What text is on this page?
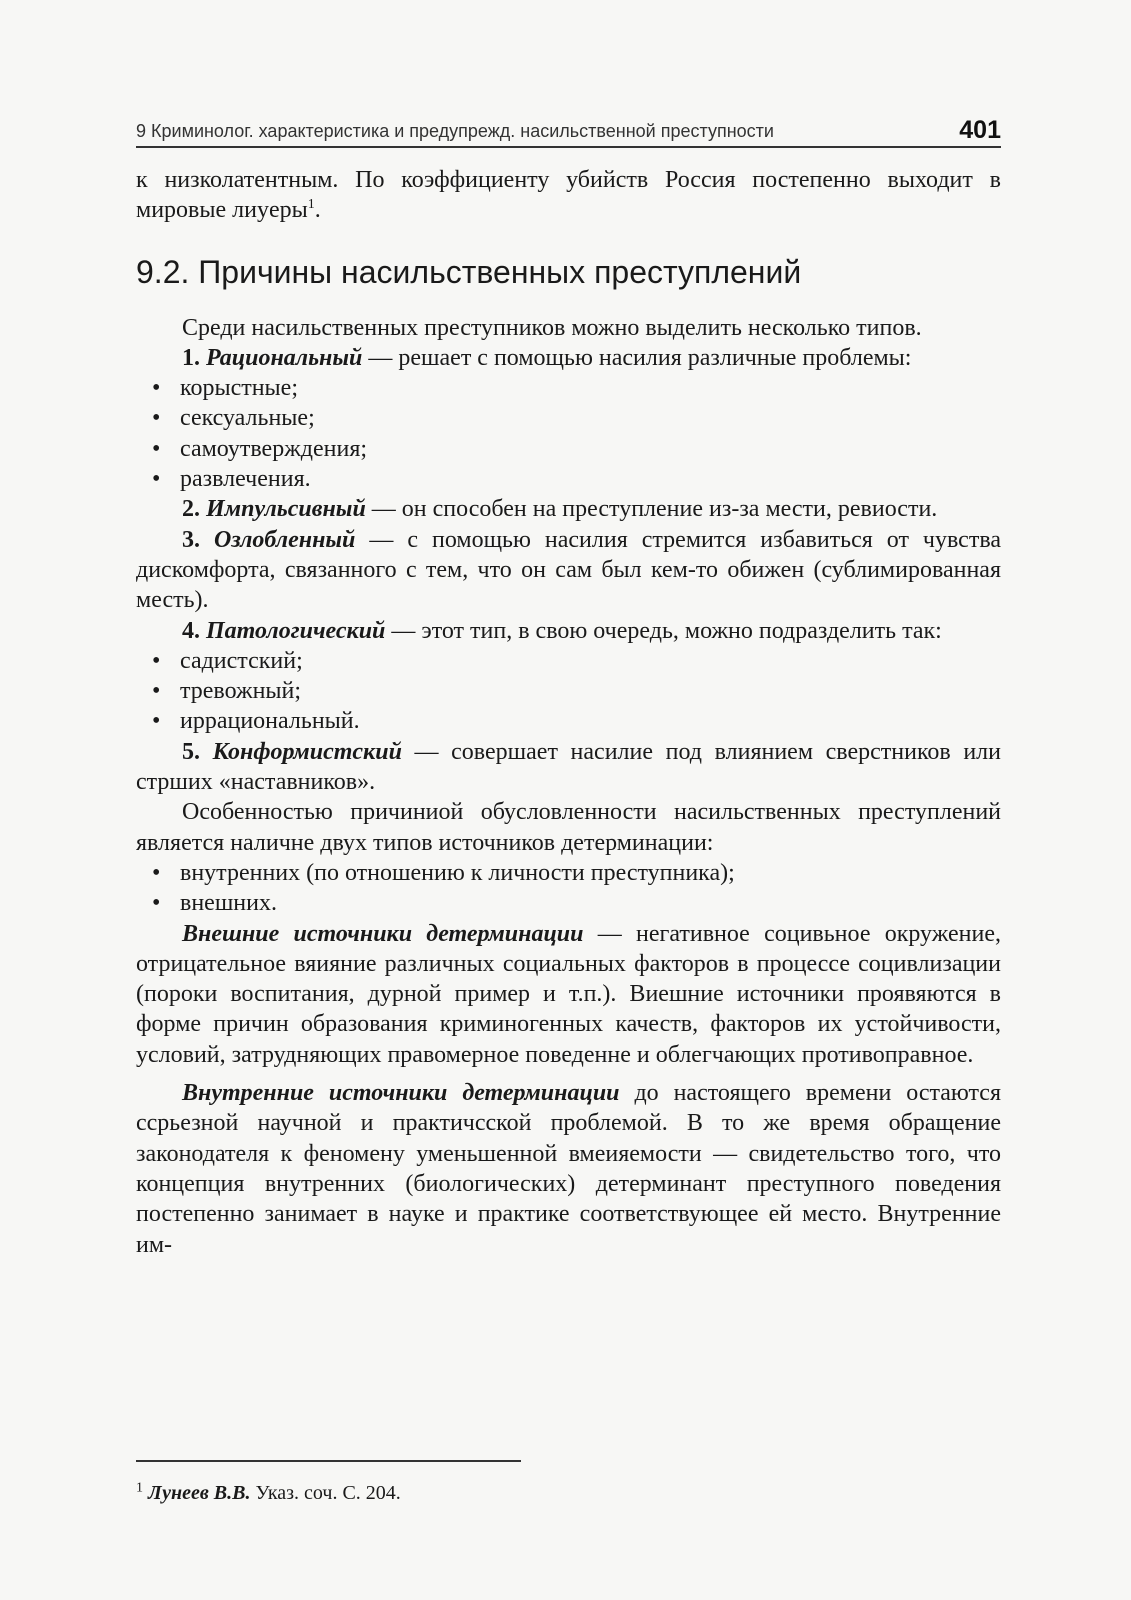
9 Криминолог. характеристика и предупрежд. насильственной преступности	401

к низколатентным. По коэффициенту убийств Россия постепенно выходит в мировые лиyеры$^1$.

9.2. Причины насильственных преступлений

Среди насильственных преступников можно выделить несколько типов.

1. Рациональный — решает с помощью насилия различные проблемы:

• корыстные;
• сексуальные;
• самоутверждения;
• развлечения.

2. Импульсивный — он способен на преступление из-за мести, ревиости.

3. Озлобленный — с помощью насилия стремится избавиться от чувства дискомфорта, связанного с тем, что он сам был кем-то обижен (сублимированная месть).

4. Патологический — этот тип, в свою очередь, можно подразделить так:

• садистский;
• тревожный;
• иррациональный.

5. Конформистский — совершает насилие под влиянием сверстников или стрших «наставников».

Особенностью причиниой обусловленности насильственных преступлений является наличне двух типов источников детерминации:

• внутренних (по отношению к личности преступника);
• внешних.

Внешние источники детерминации — негативное социвьное окружение, отрицательное вяияние различных социальных факторов в процессе социвлизации (пороки воспитания, дурной пример и т.п.). Виешние источники проявяются в форме причин образования криминогенных качеств, факторов их устойчивости, условий, затрудняющих правомерное поведенне и облегчающих противоправное.

Внутренние источники детерминации до настоящего времени остаются ссрьезной научной и практичсской проблемой. В то же время обращение законодателя к феномену уменьшенной вмеияемости — свидетельство того, что концепция внутренних (биологических) детерминант преступного поведения постепенно занимает в науке и практике соответствующее ей место. Внутренние им-

$^1$ Лунеев В.В. Указ. соч. С. 204.
